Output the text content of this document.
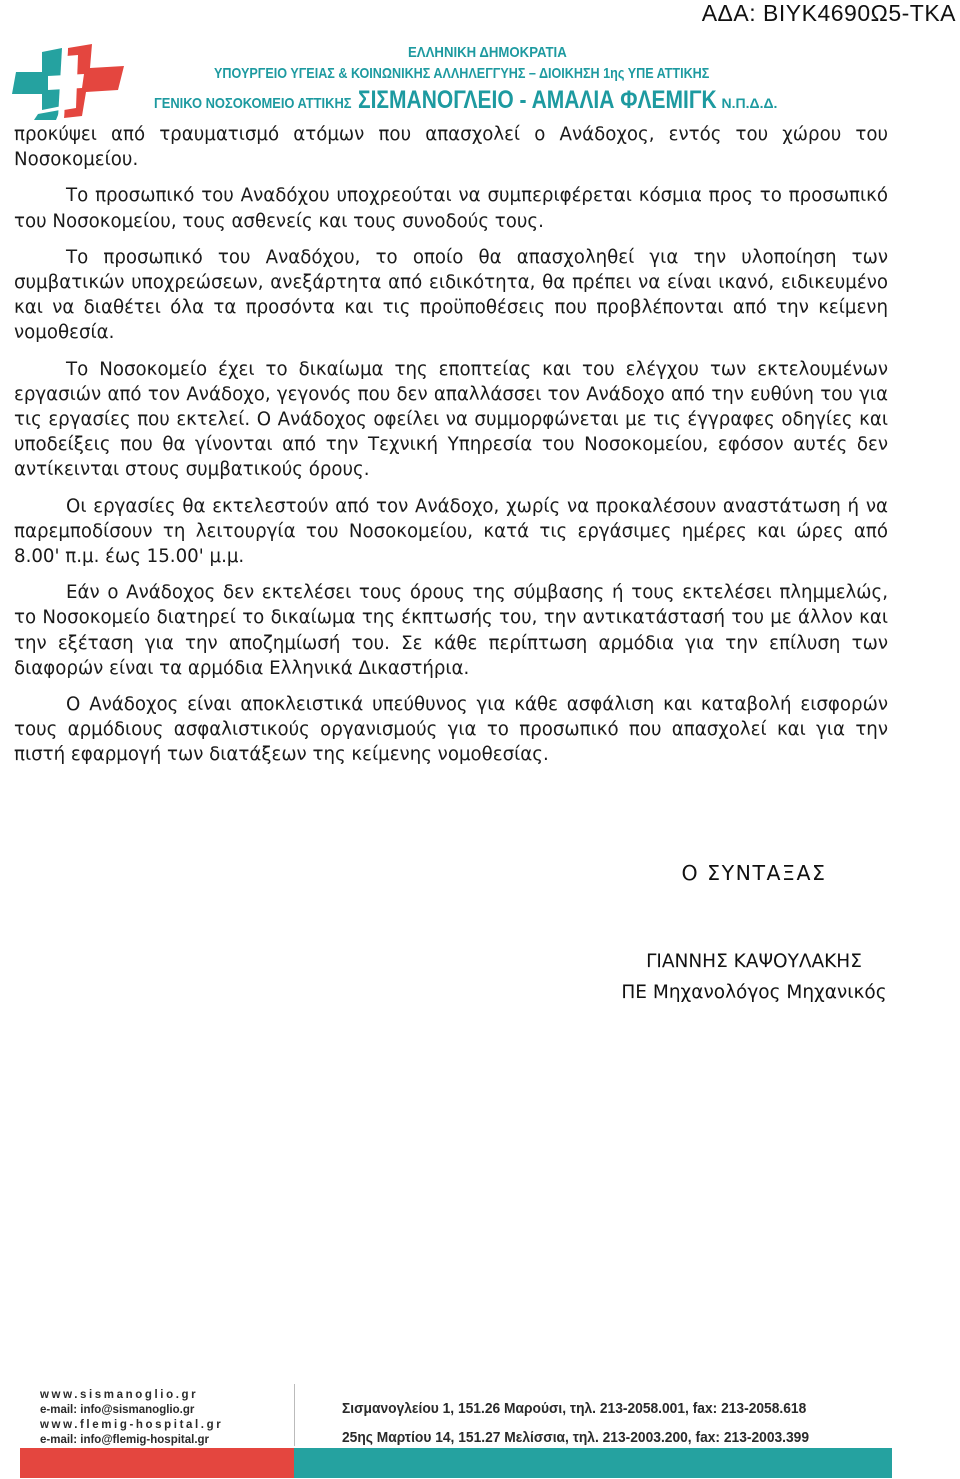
ΑΔΑ: ΒΙΥΚ4690Ω5-ΤΚΑ
ΕΛΛΗΝΙΚΗ ΔΗΜΟΚΡΑΤΙΑ
ΥΠΟΥΡΓΕΙΟ ΥΓΕΙΑΣ & ΚΟΙΝΩΝΙΚΗΣ ΑΛΛΗΛΕΓΓΥΗΣ – ΔΙΟΙΚΗΣΗ 1ης ΥΠΕ ΑΤΤΙΚΗΣ
ΓΕΝΙΚΟ ΝΟΣΟΚΟΜΕΙΟ ΑΤΤΙΚΗΣ ΣΙΣΜΑΝΟΓΛΕΙΟ - ΑΜΑΛΙΑ ΦΛΕΜΙΓΚ Ν.Π.Δ.Δ.

προκύψει από τραυματισμό ατόμων που απασχολεί ο Ανάδοχος, εντός του χώρου του Νοσοκομείου.

Το προσωπικό του Αναδόχου υποχρεούται να συμπεριφέρεται κόσμια προς το προσωπικό του Νοσοκομείου, τους ασθενείς και τους συνοδούς τους.

Το προσωπικό του Αναδόχου, το οποίο θα απασχοληθεί για την υλοποίηση των συμβατικών υποχρεώσεων, ανεξάρτητα από ειδικότητα, θα πρέπει να είναι ικανό, ειδικευμένο και να διαθέτει όλα τα προσόντα και τις προϋποθέσεις που προβλέπονται από την κείμενη νομοθεσία.

Το Νοσοκομείο έχει το δικαίωμα της εποπτείας και του ελέγχου των εκτελουμένων εργασιών από τον Ανάδοχο, γεγονός που δεν απαλλάσσει τον Ανάδοχο από την ευθύνη του για τις εργασίες που εκτελεί. Ο Ανάδοχος οφείλει να συμμορφώνεται με τις έγγραφες οδηγίες και υποδείξεις που θα γίνονται από την Τεχνική Υπηρεσία του Νοσοκομείου, εφόσον αυτές δεν αντίκεινται στους συμβατικούς όρους.

Οι εργασίες θα εκτελεστούν από τον Ανάδοχο, χωρίς να προκαλέσουν αναστάτωση ή να παρεμποδίσουν τη λειτουργία του Νοσοκομείου, κατά τις εργάσιμες ημέρες και ώρες από 8.00' π.μ. έως 15.00' μ.μ.

Εάν ο Ανάδοχος δεν εκτελέσει τους όρους της σύμβασης ή τους εκτελέσει πλημμελώς, το Νοσοκομείο διατηρεί το δικαίωμα της έκπτωσής του, την αντικατάστασή του με άλλον και την εξέταση για την αποζημίωσή του. Σε κάθε περίπτωση αρμόδια για την επίλυση των διαφορών είναι τα αρμόδια Ελληνικά Δικαστήρια.

Ο Ανάδοχος είναι αποκλειστικά υπεύθυνος για κάθε ασφάλιση και καταβολή εισφορών τους αρμόδιους ασφαλιστικούς οργανισμούς για το προσωπικό που απασχολεί και για την πιστή εφαρμογή των διατάξεων της κείμενης νομοθεσίας.

Ο ΣΥΝΤΑΞΑΣ
ΓΙΑΝΝΗΣ ΚΑΨΟΥΛΑΚΗΣ
ΠΕ Μηχανολόγος Μηχανικός
www.sismanoglio.gr
e-mail: info@sismanoglio.gr
www.flemig-hospital.gr
e-mail: info@flemig-hospital.gr
Σισμανογλείου 1, 151.26 Μαρούσι, τηλ. 213-2058.001, fax: 213-2058.618
25ης Μαρτίου 14, 151.27 Μελίσσια, τηλ. 213-2003.200, fax: 213-2003.399
